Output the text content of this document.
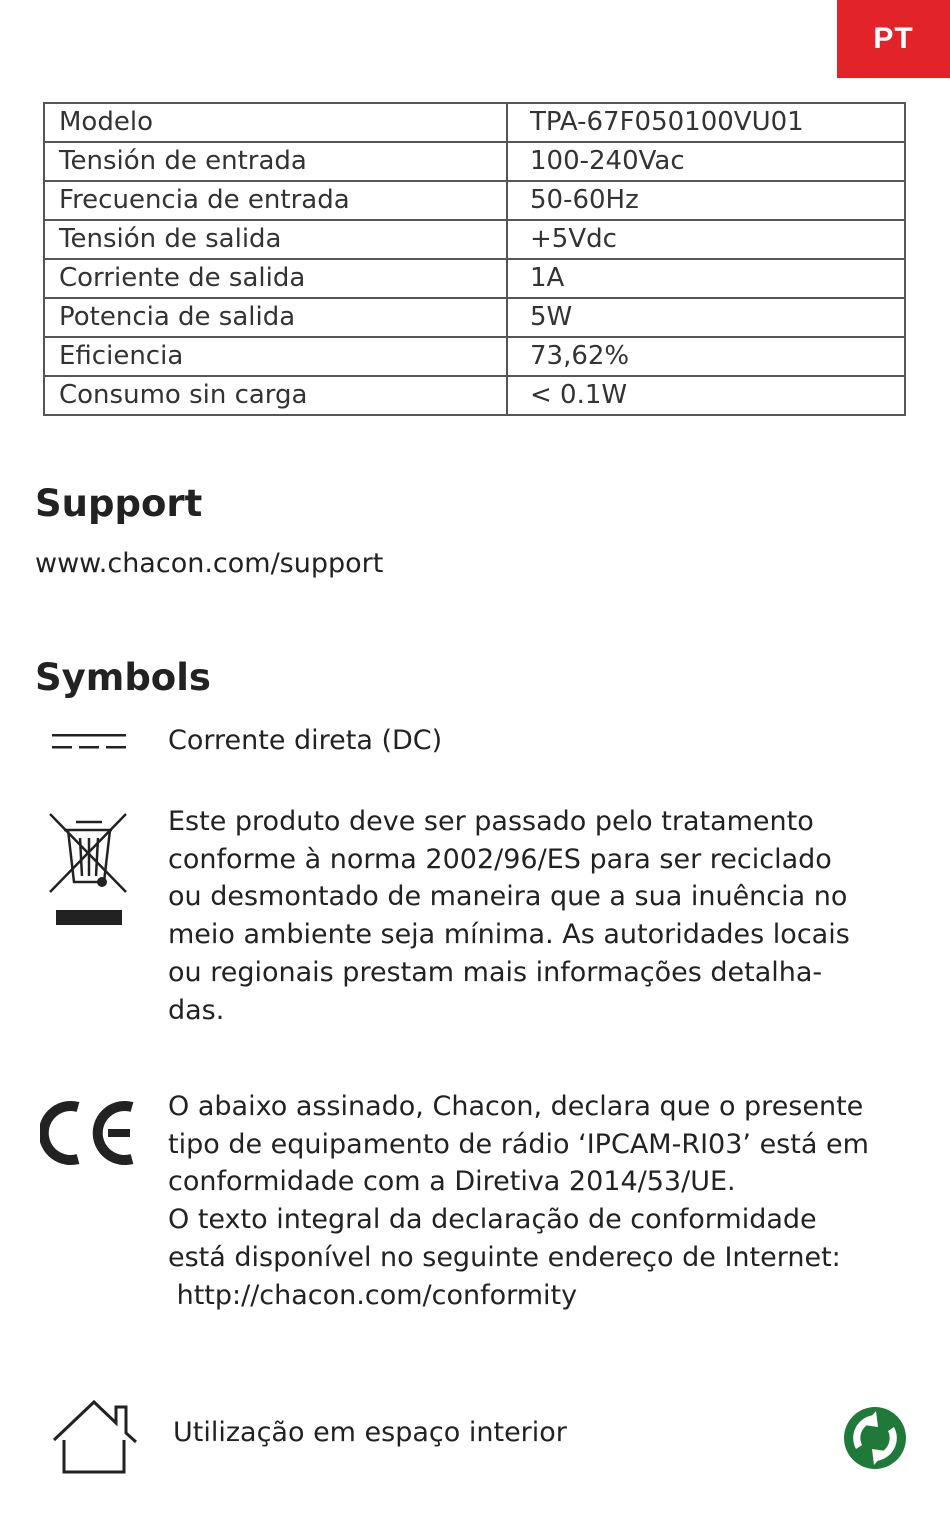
PT
Modelo	TPA-67F050100VU01
Tensión de entrada	100-240Vac
Frecuencia de entrada	50-60Hz
Tensión de salida	+5Vdc
Corriente de salida	1A
Potencia de salida	5W
Eficiencia	73,62%
Consumo sin carga	< 0.1W
Support
www.chacon.com/support
Symbols
Corrente direta (DC)
Este produto deve ser passado pelo tratamento
conforme à norma 2002/96/ES para ser reciclado
ou desmontado de maneira que a sua inuência no
meio ambiente seja mínima. As autoridades locais
ou regionais prestam mais informações detalha-
das.
O abaixo assinado, Chacon, declara que o presente
tipo de equipamento de rádio ‘IPCAM-RI03’ está em
conformidade com a Diretiva 2014/53/UE.
O texto integral da declaração de conformidade
está disponível no seguinte endereço de Internet:
http://chacon.com/conformity
Utilização em espaço interior
